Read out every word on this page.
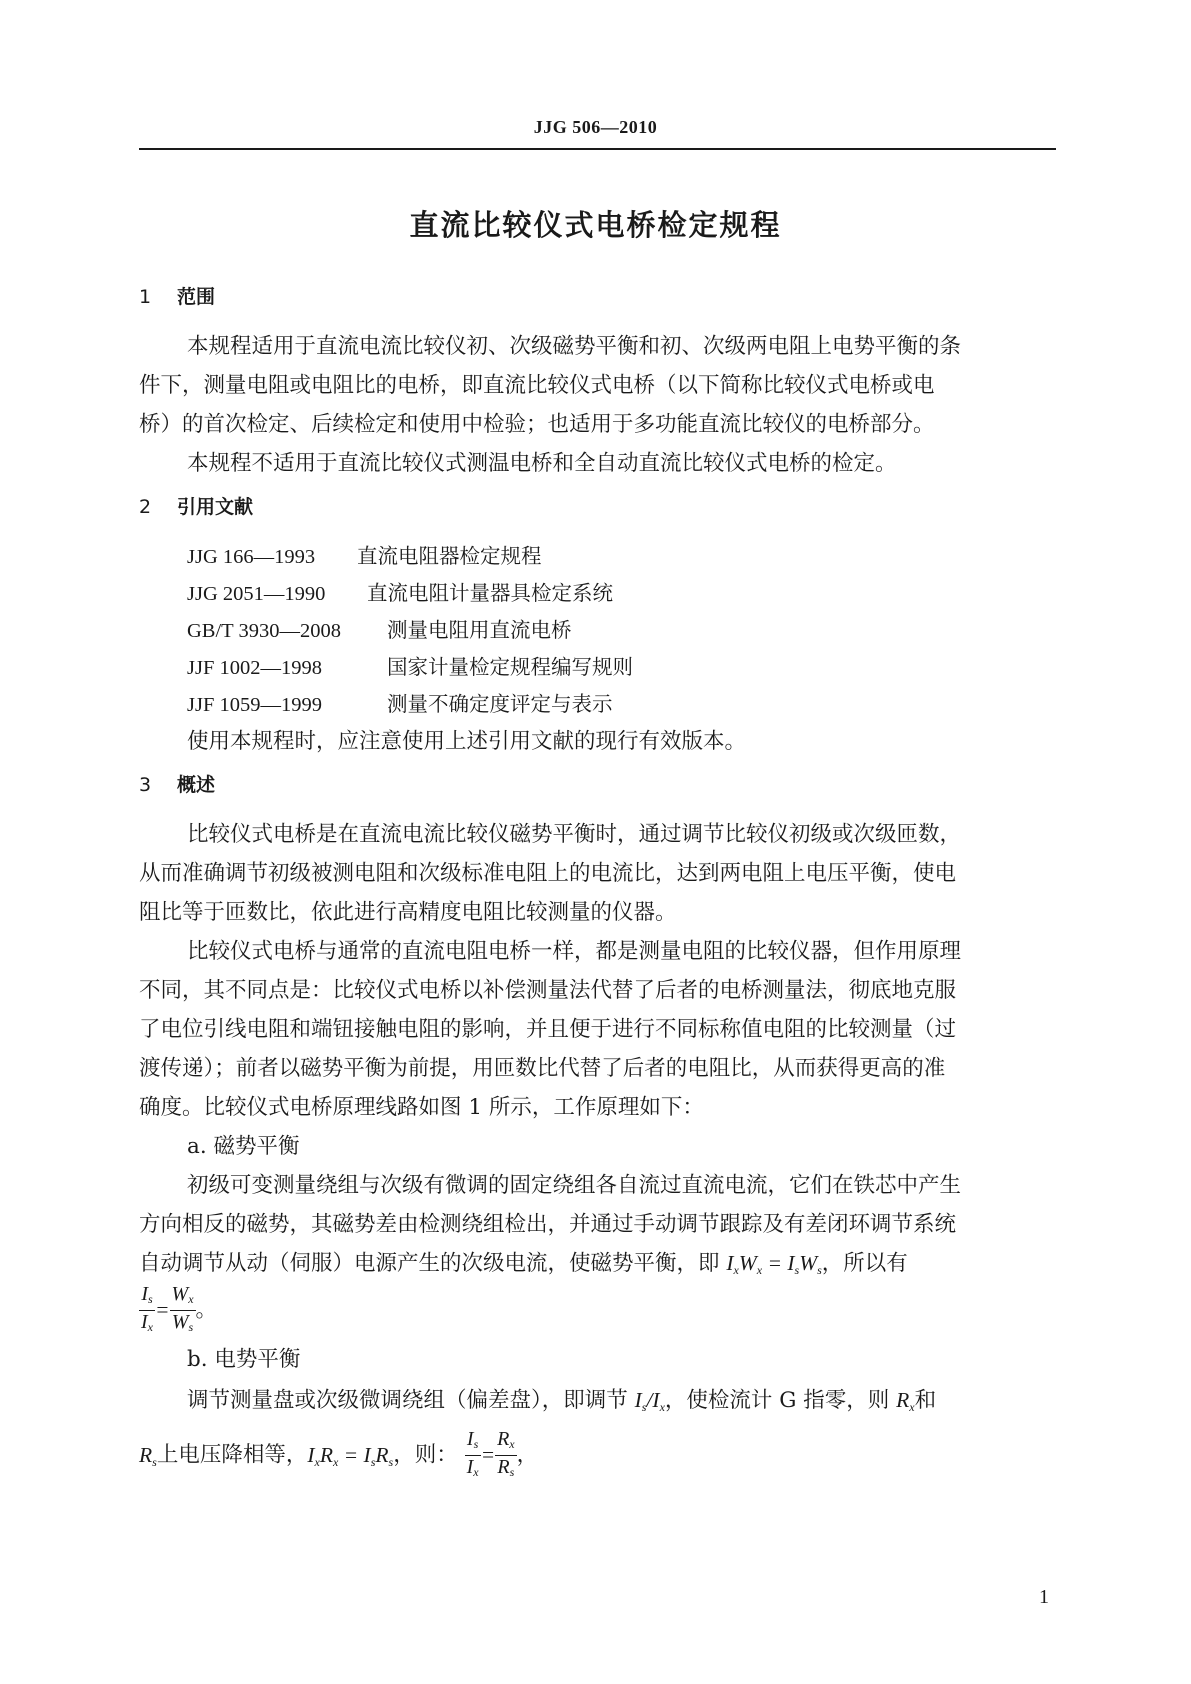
JJG 506—2010
直流比较仪式电桥检定规程
1 范围
本规程适用于直流电流比较仪初、次级磁势平衡和初、次级两电阻上电势平衡的条
件下，测量电阻或电阻比的电桥，即直流比较仪式电桥（以下简称比较仪式电桥或电
桥）的首次检定、后续检定和使用中检验；也适用于多功能直流比较仪的电桥部分。
本规程不适用于直流比较仪式测温电桥和全自动直流比较仪式电桥的检定。
2 引用文献
JJG 166—1993 直流电阻器检定规程
JJG 2051—1990 直流电阻计量器具检定系统
GB/T 3930—2008 测量电阻用直流电桥
JJF 1002—1998	国家计量检定规程编写规则
JJF 1059—1999	测量不确定度评定与表示
使用本规程时，应注意使用上述引用文献的现行有效版本。
3 概述
比较仪式电桥是在直流电流比较仪磁势平衡时，通过调节比较仪初级或次级匝数，
从而准确调节初级被测电阻和次级标准电阻上的电流比，达到两电阻上电压平衡，使电
阻比等于匝数比，依此进行高精度电阻比较测量的仪器。
比较仪式电桥与通常的直流电阻电桥一样，都是测量电阻的比较仪器，但作用原理
不同，其不同点是：比较仪式电桥以补偿测量法代替了后者的电桥测量法，彻底地克服
了电位引线电阻和端钮接触电阻的影响，并且便于进行不同标称值电阻的比较测量（过
渡传递）；前者以磁势平衡为前提，用匝数比代替了后者的电阻比，从而获得更高的准
确度。比较仪式电桥原理线路如图 1 所示，工作原理如下：
a. 磁势平衡
初级可变测量绕组与次级有微调的固定绕组各自流过直流电流，它们在铁芯中产生
方向相反的磁势，其磁势差由检测绕组检出，并通过手动调节跟踪及有差闭环调节系统
自动调节从动（伺服）电源产生的次级电流，使磁势平衡，即 $I_xW_x = I_sW_s$，所以有
$\frac{I_s}{I_x} = \frac{W_x}{W_s}$ 。
b. 电势平衡
调节测量盘或次级微调绕组（偏差盘），即调节 $I_s/I_x$，使检流计 G 指零，则 $R_x$和
$R_s$上电压降相等，$I_xR_x = I_sR_s$，则： $\frac{I_s}{I_x} = \frac{R_x}{R_s}$ ，
1
